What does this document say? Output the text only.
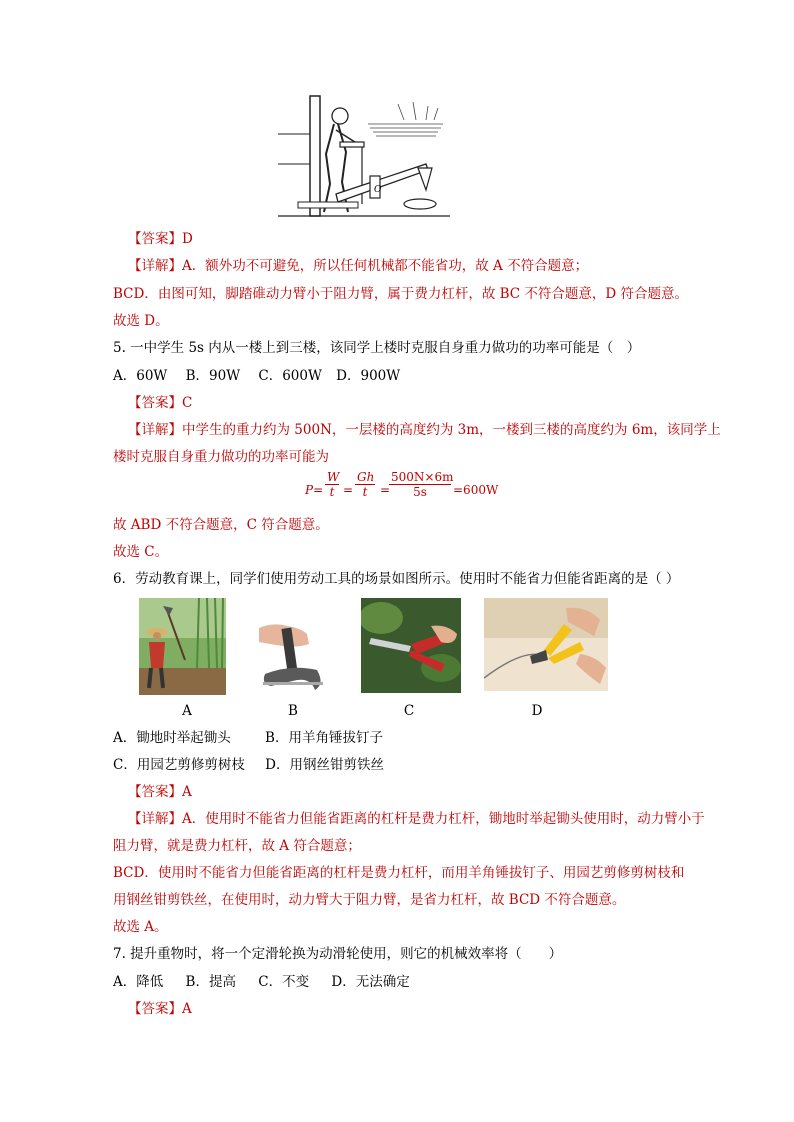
O
【答案】D
【详解】A．额外功不可避免，所以任何机械都不能省功，故 A 不符合题意；
BCD．由图可知，脚踏碓动力臂小于阻力臂，属于费力杠杆，故 BC 不符合题意，D 符合题意。
故选 D。
5. 一中学生 5s 内从一楼上到三楼，该同学上楼时克服自身重力做功的功率可能是（　）
A．60W B．90W C．600W D．900W
【答案】C
【详解】中学生的重力约为 500N，一层楼的高度约为 3m，一楼到三楼的高度约为 6m，该同学上
楼时克服自身重力做功的功率可能为
$P= \frac{W}{t} = \frac{Gh}{t}$ =
$\frac{500N\times 6m}{5s} =600W$
故 ABD 不符合题意，C 符合题意。
故选 C。
6．劳动教育课上，同学们使用劳动工具的场景如图所示。使用时不能省力但能省距离的是（ ）
A	B	C	D
A．锄地时举起锄头	B．用羊角锤拔钉子
C．用园艺剪修剪树枝 D．用钢丝钳剪铁丝
【答案】A
【详解】A．使用时不能省力但能省距离的杠杆是费力杠杆，锄地时举起锄头使用时，动力臂小于
阻力臂，就是费力杠杆，故 A 符合题意；
BCD．使用时不能省力但能省距离的杠杆是费力杠杆，而用羊角锤拔钉子、用园艺剪修剪树枝和
用钢丝钳剪铁丝，在使用时，动力臂大于阻力臂，是省力杠杆，故 BCD 不符合题意。
故选 A。
7. 提升重物时，将一个定滑轮换为动滑轮使用，则它的机械效率将（　　）
A．降低 B．提高 C．不变 D．无法确定
【答案】A
